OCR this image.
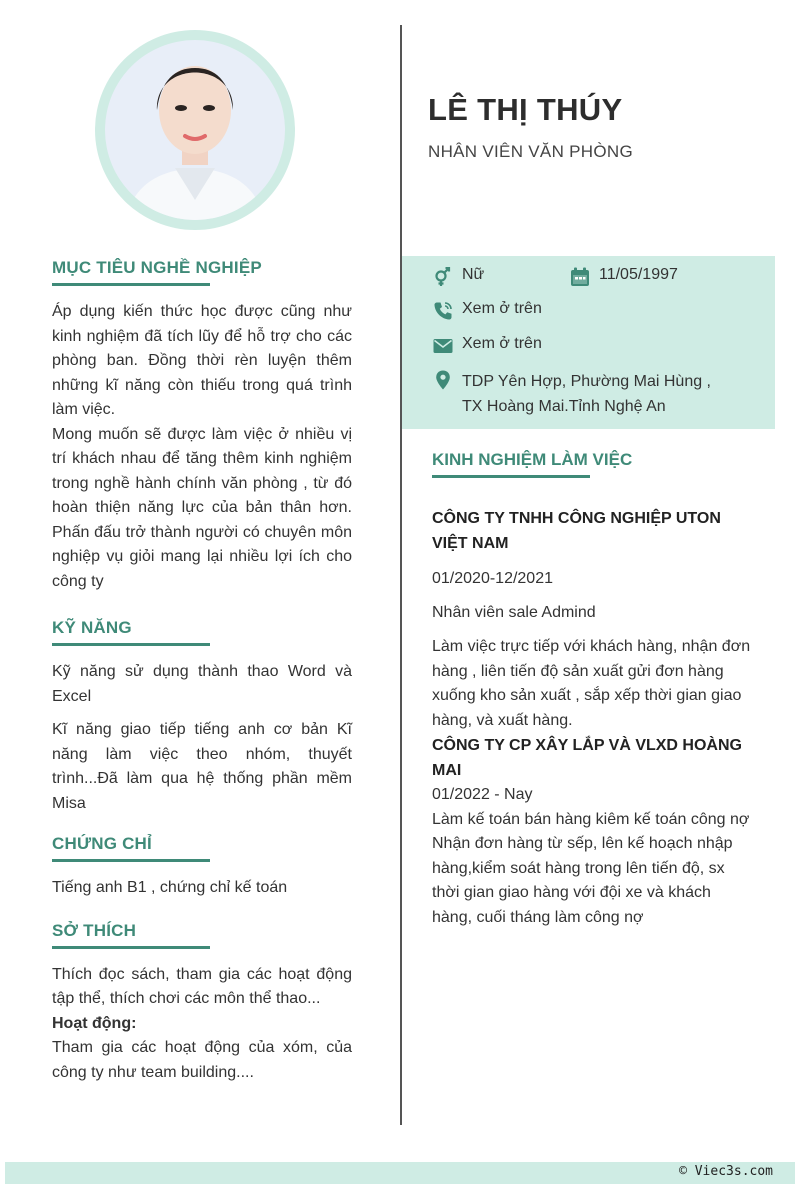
LÊ THỊ THÚY
NHÂN VIÊN VĂN PHÒNG
MỤC TIÊU NGHỀ NGHIỆP
Áp dụng kiến thức học được cũng như kinh nghiệm đã tích lũy để hỗ trợ cho các phòng ban. Đồng thời rèn luyện thêm những kĩ năng còn thiếu trong quá trình làm việc.
Mong muốn sẽ được làm việc ở nhiều vị trí khách nhau để tăng thêm kinh nghiệm trong nghề hành chính văn phòng , từ đó hoàn thiện năng lực của bản thân hơn. Phấn đấu trở thành người có chuyên môn nghiệp vụ giỏi mang lại nhiều lợi ích cho công ty
KỸ NĂNG
Kỹ năng sử dụng thành thao Word và Excel
Kĩ năng giao tiếp tiếng anh cơ bản Kĩ năng làm việc theo nhóm, thuyết trình...Đã làm qua hệ thống phần mềm Misa
CHỨNG CHỈ
Tiếng anh B1 , chứng chỉ kế toán
SỞ THÍCH
Thích đọc sách, tham gia các hoạt động tập thể, thích chơi các môn thể thao...
Hoạt động:
Tham gia các hoạt động của xóm, của công ty như team building....
Nữ	11/05/1997
Xem ở trên
Xem ở trên
TDP Yên Hợp, Phường Mai Hùng ,
TX Hoàng Mai.Tỉnh Nghệ An
KINH NGHIỆM LÀM VIỆC
CÔNG TY TNHH CÔNG NGHIỆP UTON VIỆT NAM
01/2020-12/2021
Nhân viên sale Admind
Làm việc trực tiếp với khách hàng, nhận đơn hàng , liên tiến độ sản xuất gửi đơn hàng xuống kho sản xuất , sắp xếp thời gian giao hàng, và xuất hàng.
CÔNG TY CP XÂY LẮP VÀ VLXD HOÀNG MAI
01/2022 - Nay
Làm kế toán bán hàng kiêm kế toán công nợ
Nhận đơn hàng từ sếp, lên kế hoạch nhập hàng,kiểm soát hàng trong lên tiến độ, sx thời gian giao hàng với đội xe và khách hàng, cuối tháng làm công nợ
© Viec3s.com
